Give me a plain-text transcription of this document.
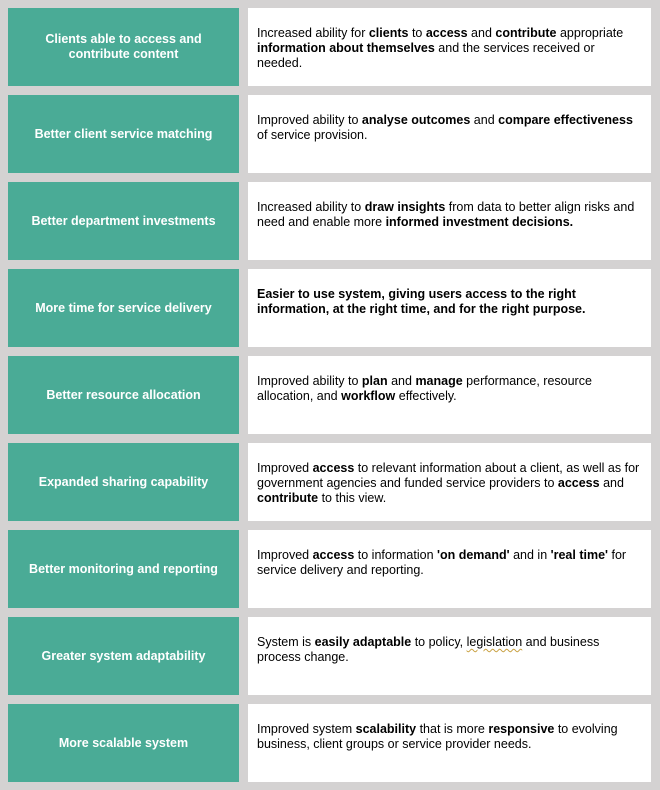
Clients able to access and contribute content
Increased ability for clients to access and contribute appropriate information about themselves and the services received or needed.
Better client service matching
Improved ability to analyse outcomes and compare effectiveness of service provision.
Better department investments
Increased ability to draw insights from data to better align risks and need and enable more informed investment decisions.
More time for service delivery
Easier to use system, giving users access to the right information, at the right time, and for the right purpose.
Better resource allocation
Improved ability to plan and manage performance, resource allocation, and workflow effectively.
Expanded sharing capability
Improved access to relevant information about a client, as well as for government agencies and funded service providers to access and contribute to this view.
Better monitoring and reporting
Improved access to information 'on demand' and in 'real time' for service delivery and reporting.
Greater system adaptability
System is easily adaptable to policy, legislation and business process change.
More scalable system
Improved system scalability that is more responsive to evolving business, client groups or service provider needs.
